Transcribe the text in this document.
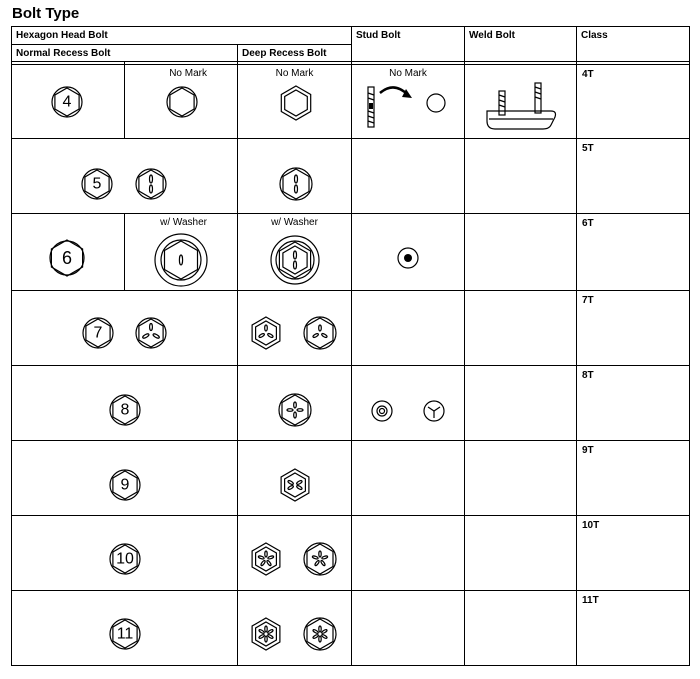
Bolt Type
Hexagon Head Bolt			Stud Bolt	Weld Bolt	Class
Normal Recess Bolt		Deep Recess Bolt			

4	No Mark	No Mark	No Mark		4T

5					5T

6	w/ Washer	w/ Washer			6T

7					7T

8					8T

9					9T

10					10T

11					11T
